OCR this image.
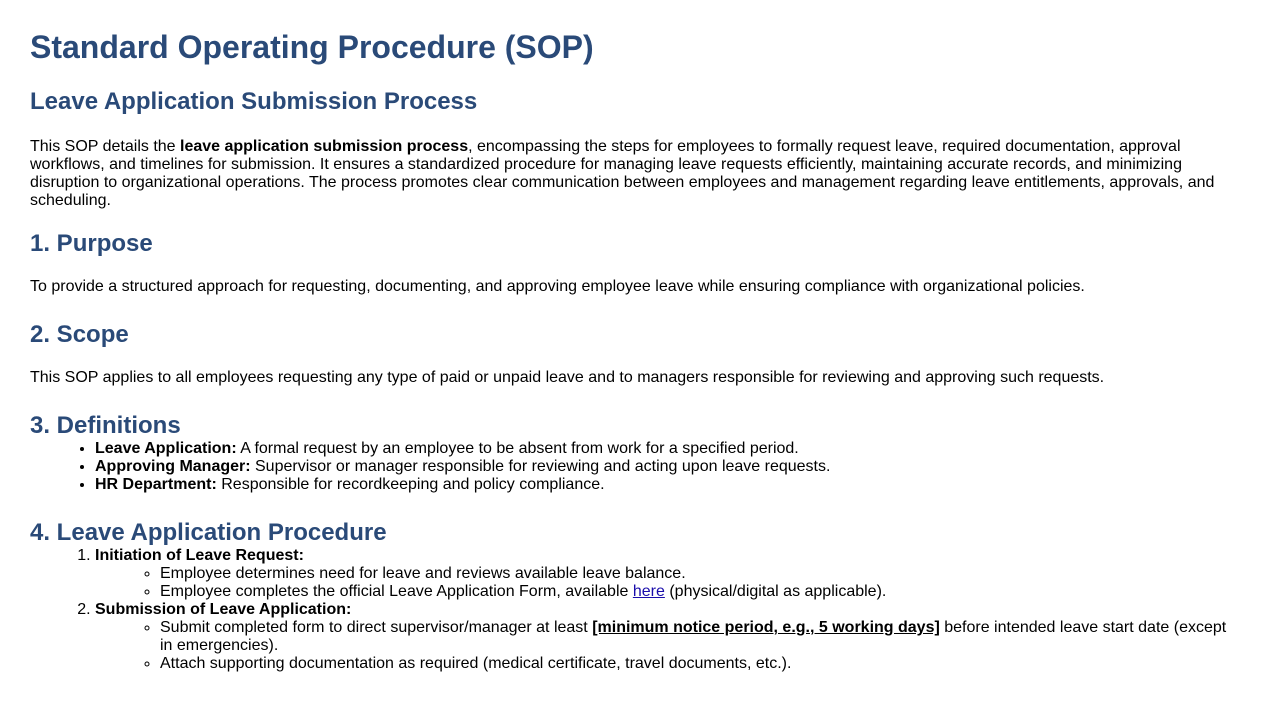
Standard Operating Procedure (SOP)
Leave Application Submission Process

This SOP details the leave application submission process, encompassing the steps for employees to formally request leave, required documentation, approval workflows, and timelines for submission. It ensures a standardized procedure for managing leave requests efficiently, maintaining accurate records, and minimizing disruption to organizational operations. The process promotes clear communication between employees and management regarding leave entitlements, approvals, and scheduling.

1. Purpose

To provide a structured approach for requesting, documenting, and approving employee leave while ensuring compliance with organizational policies.

2. Scope

This SOP applies to all employees requesting any type of paid or unpaid leave and to managers responsible for reviewing and approving such requests.

3. Definitions
• Leave Application: A formal request by an employee to be absent from work for a specified period.
• Approving Manager: Supervisor or manager responsible for reviewing and acting upon leave requests.
• HR Department: Responsible for recordkeeping and policy compliance.
4. Leave Application Procedure
1. Initiation of Leave Request:
◦ Employee determines need for leave and reviews available leave balance.
◦ Employee completes the official Leave Application Form, available here (physical/digital as applicable).
2. Submission of Leave Application:
◦ Submit completed form to direct supervisor/manager at least [minimum notice period, e.g., 5 working days] before intended leave start date (except in emergencies).
◦ Attach supporting documentation as required (medical certificate, travel documents, etc.).
